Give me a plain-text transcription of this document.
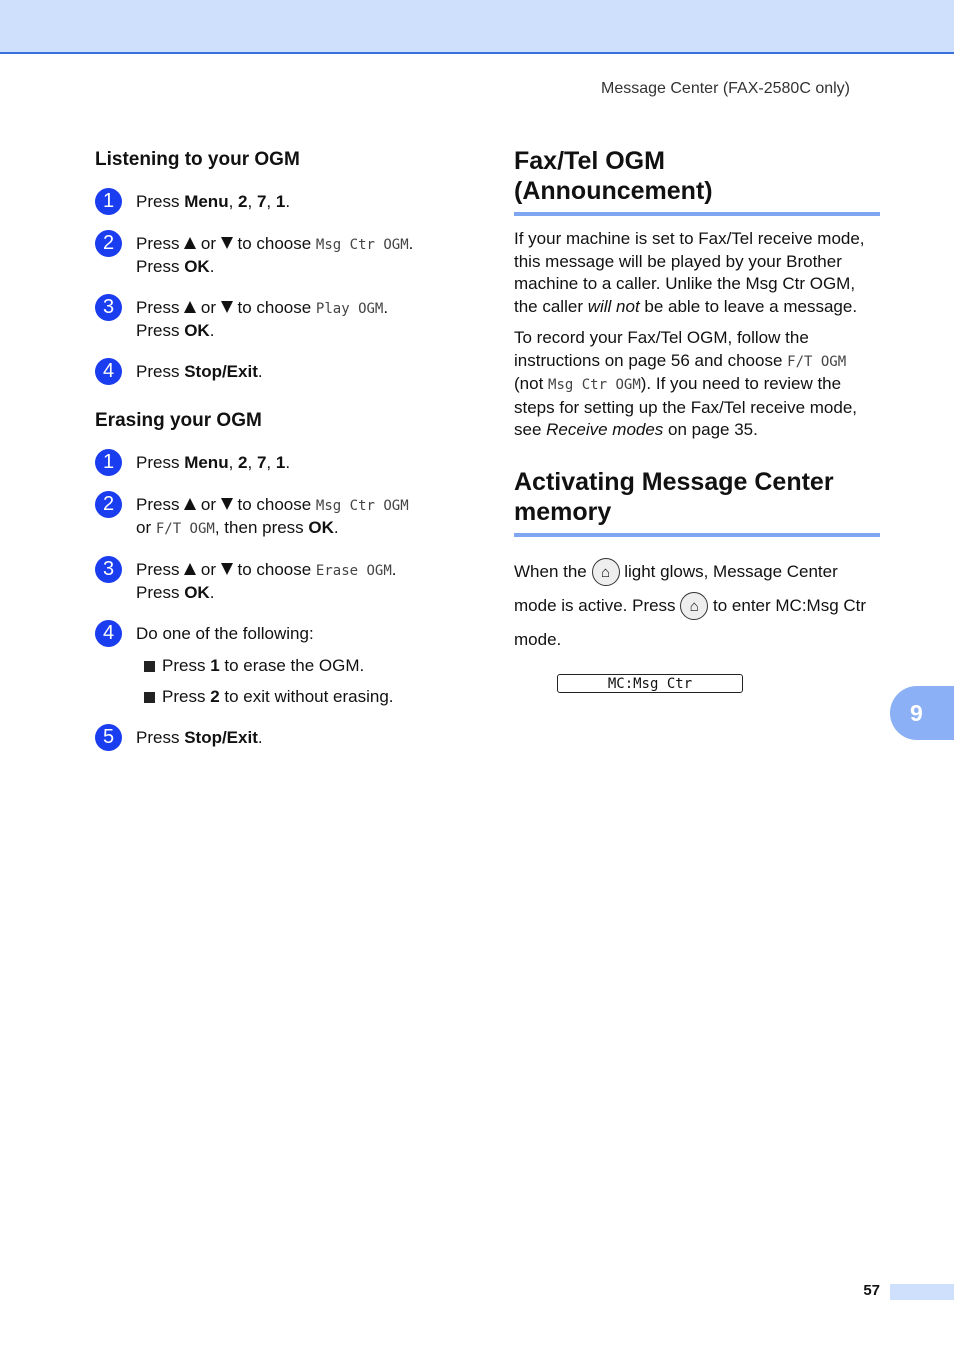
Message Center (FAX-2580C only)
Listening to your OGM
1	Press Menu, 2, 7, 1.
2	Press  or  to choose Msg Ctr OGM.
Press OK.
3	Press  or  to choose Play OGM.
Press OK.
4	Press Stop/Exit.
Erasing your OGM
1	Press Menu, 2, 7, 1.
2	Press  or  to choose Msg Ctr OGM
or F/T OGM, then press OK.
3	Press  or  to choose Erase OGM.
Press OK.
4	Do one of the following:
Press 1 to erase the OGM.
Press 2 to exit without erasing.
5	Press Stop/Exit.
Fax/Tel OGM
(Announcement)

If your machine is set to Fax/Tel receive mode, this message will be played by your Brother machine to a caller. Unlike the Msg Ctr OGM, the caller will not be able to leave a message.

To record your Fax/Tel OGM, follow the instructions on page 56 and choose F/T OGM (not Msg Ctr OGM). If you need to review the steps for setting up the Fax/Tel receive mode, see Receive modes on page 35.

Activating Message Center
memory

When the ⌂ light glows, Message Center mode is active. Press ⌂ to enter MC:Msg Ctr mode.

MC:Msg Ctr
9
57
